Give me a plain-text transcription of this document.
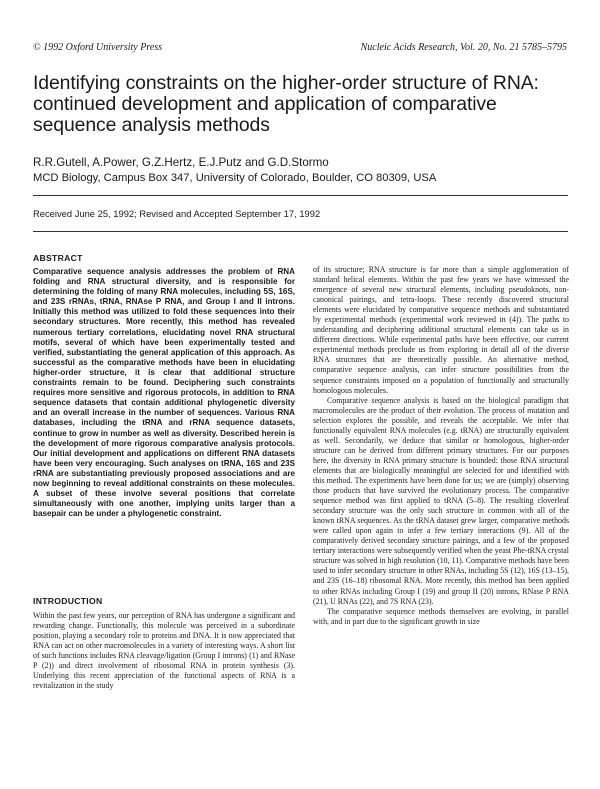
© 1992 Oxford University Press	Nucleic Acids Research, Vol. 20, No. 21 5785–5795
Identifying constraints on the higher-order structure of RNA: continued development and application of comparative sequence analysis methods
R.R.Gutell, A.Power, G.Z.Hertz, E.J.Putz and G.D.Stormo
MCD Biology, Campus Box 347, University of Colorado, Boulder, CO 80309, USA
Received June 25, 1992; Revised and Accepted September 17, 1992
ABSTRACT

Comparative sequence analysis addresses the problem of RNA folding and RNA structural diversity, and is responsible for determining the folding of many RNA molecules, including 5S, 16S, and 23S rRNAs, tRNA, RNAse P RNA, and Group I and II introns. Initially this method was utilized to fold these sequences into their secondary structures. More recently, this method has revealed numerous tertiary correlations, elucidating novel RNA structural motifs, several of which have been experimentally tested and verified, substantiating the general application of this approach. As successful as the comparative methods have been in elucidating higher-order structure, it is clear that additional structure constraints remain to be found. Deciphering such constraints requires more sensitive and rigorous protocols, in addition to RNA sequence datasets that contain additional phylogenetic diversity and an overall increase in the number of sequences. Various RNA databases, including the tRNA and rRNA sequence datasets, continue to grow in number as well as diversity. Described herein is the development of more rigorous comparative analysis protocols. Our initial development and applications on different RNA datasets have been very encouraging. Such analyses on tRNA, 16S and 23S rRNA are substantiating previously proposed associations and are now beginning to reveal additional constraints on these molecules. A subset of these involve several positions that correlate simultaneously with one another, implying units larger than a basepair can be under a phylogenetic constraint.

INTRODUCTION

Within the past few years, our perception of RNA has undergone a significant and rewarding change. Functionally, this molecule was perceived in a subordinate position, playing a secondary role to proteins and DNA. It is now appreciated that RNA can act on other macromolecules in a variety of interesting ways. A short list of such functions includes RNA cleavage/ligation (Group I introns) (1) and RNase P (2)) and direct involvement of ribosomal RNA in protein synthesis (3). Underlying this recent appreciation of the functional aspects of RNA is a revitalization in the study

of its structure; RNA structure is far more than a simple agglomeration of standard helical elements. Within the past few years we have witnessed the emergence of several new structural elements, including pseudoknots, non-canonical pairings, and tetra-loops. These recently discovered structural elements were elucidated by comparative sequence methods and substantiated by experimental methods (experimental work reviewed in (4)). The paths to understanding and deciphering additional structural elements can take us in different directions. While experimental paths have been effective, our current experimental methods preclude us from exploring in detail all of the diverse RNA structures that are theoretically possible. An alternative method, comparative sequence analysis, can infer structure possibilities from the sequence constraints imposed on a population of functionally and structurally homologous molecules.

Comparative sequence analysis is based on the biological paradigm that macromolecules are the product of their evolution. The process of mutation and selection explores the possible, and reveals the acceptable. We infer that functionally equivalent RNA molecules (e.g. tRNA) are structurally equivalent as well. Secondarily, we deduce that similar or homologous, higher-order structure can be derived from different primary structures. For our purposes here, the diversity in RNA primary structure is bounded: those RNA structural elements that are biologically meaningful are selected for and identified with this method. The experiments have been done for us; we are (simply) observing those products that have survived the evolutionary process. The comparative sequence method was first applied to tRNA (5–8). The resulting cloverleaf secondary structure was the only such structure in common with all of the known tRNA sequences. As the tRNA dataset grew larger, comparative methods were called upon again to infer a few tertiary interactions (9). All of the comparatively derived secondary structure pairings, and a few of the proposed tertiary interactions were subsequently verified when the yeast Phe-tRNA crystal structure was solved in high resolution (10, 11). Comparative methods have been used to infer secondary structure in other RNAs, including 5S (12), 16S (13–15), and 23S (16–18) ribosomal RNA. More recently, this method has been applied to other RNAs including Group I (19) and group II (20) introns, RNase P RNA (21), U RNAs (22), and 7S RNA (23).

The comparative sequence methods themselves are evolving, in parallel with, and in part due to the significant growth in size
